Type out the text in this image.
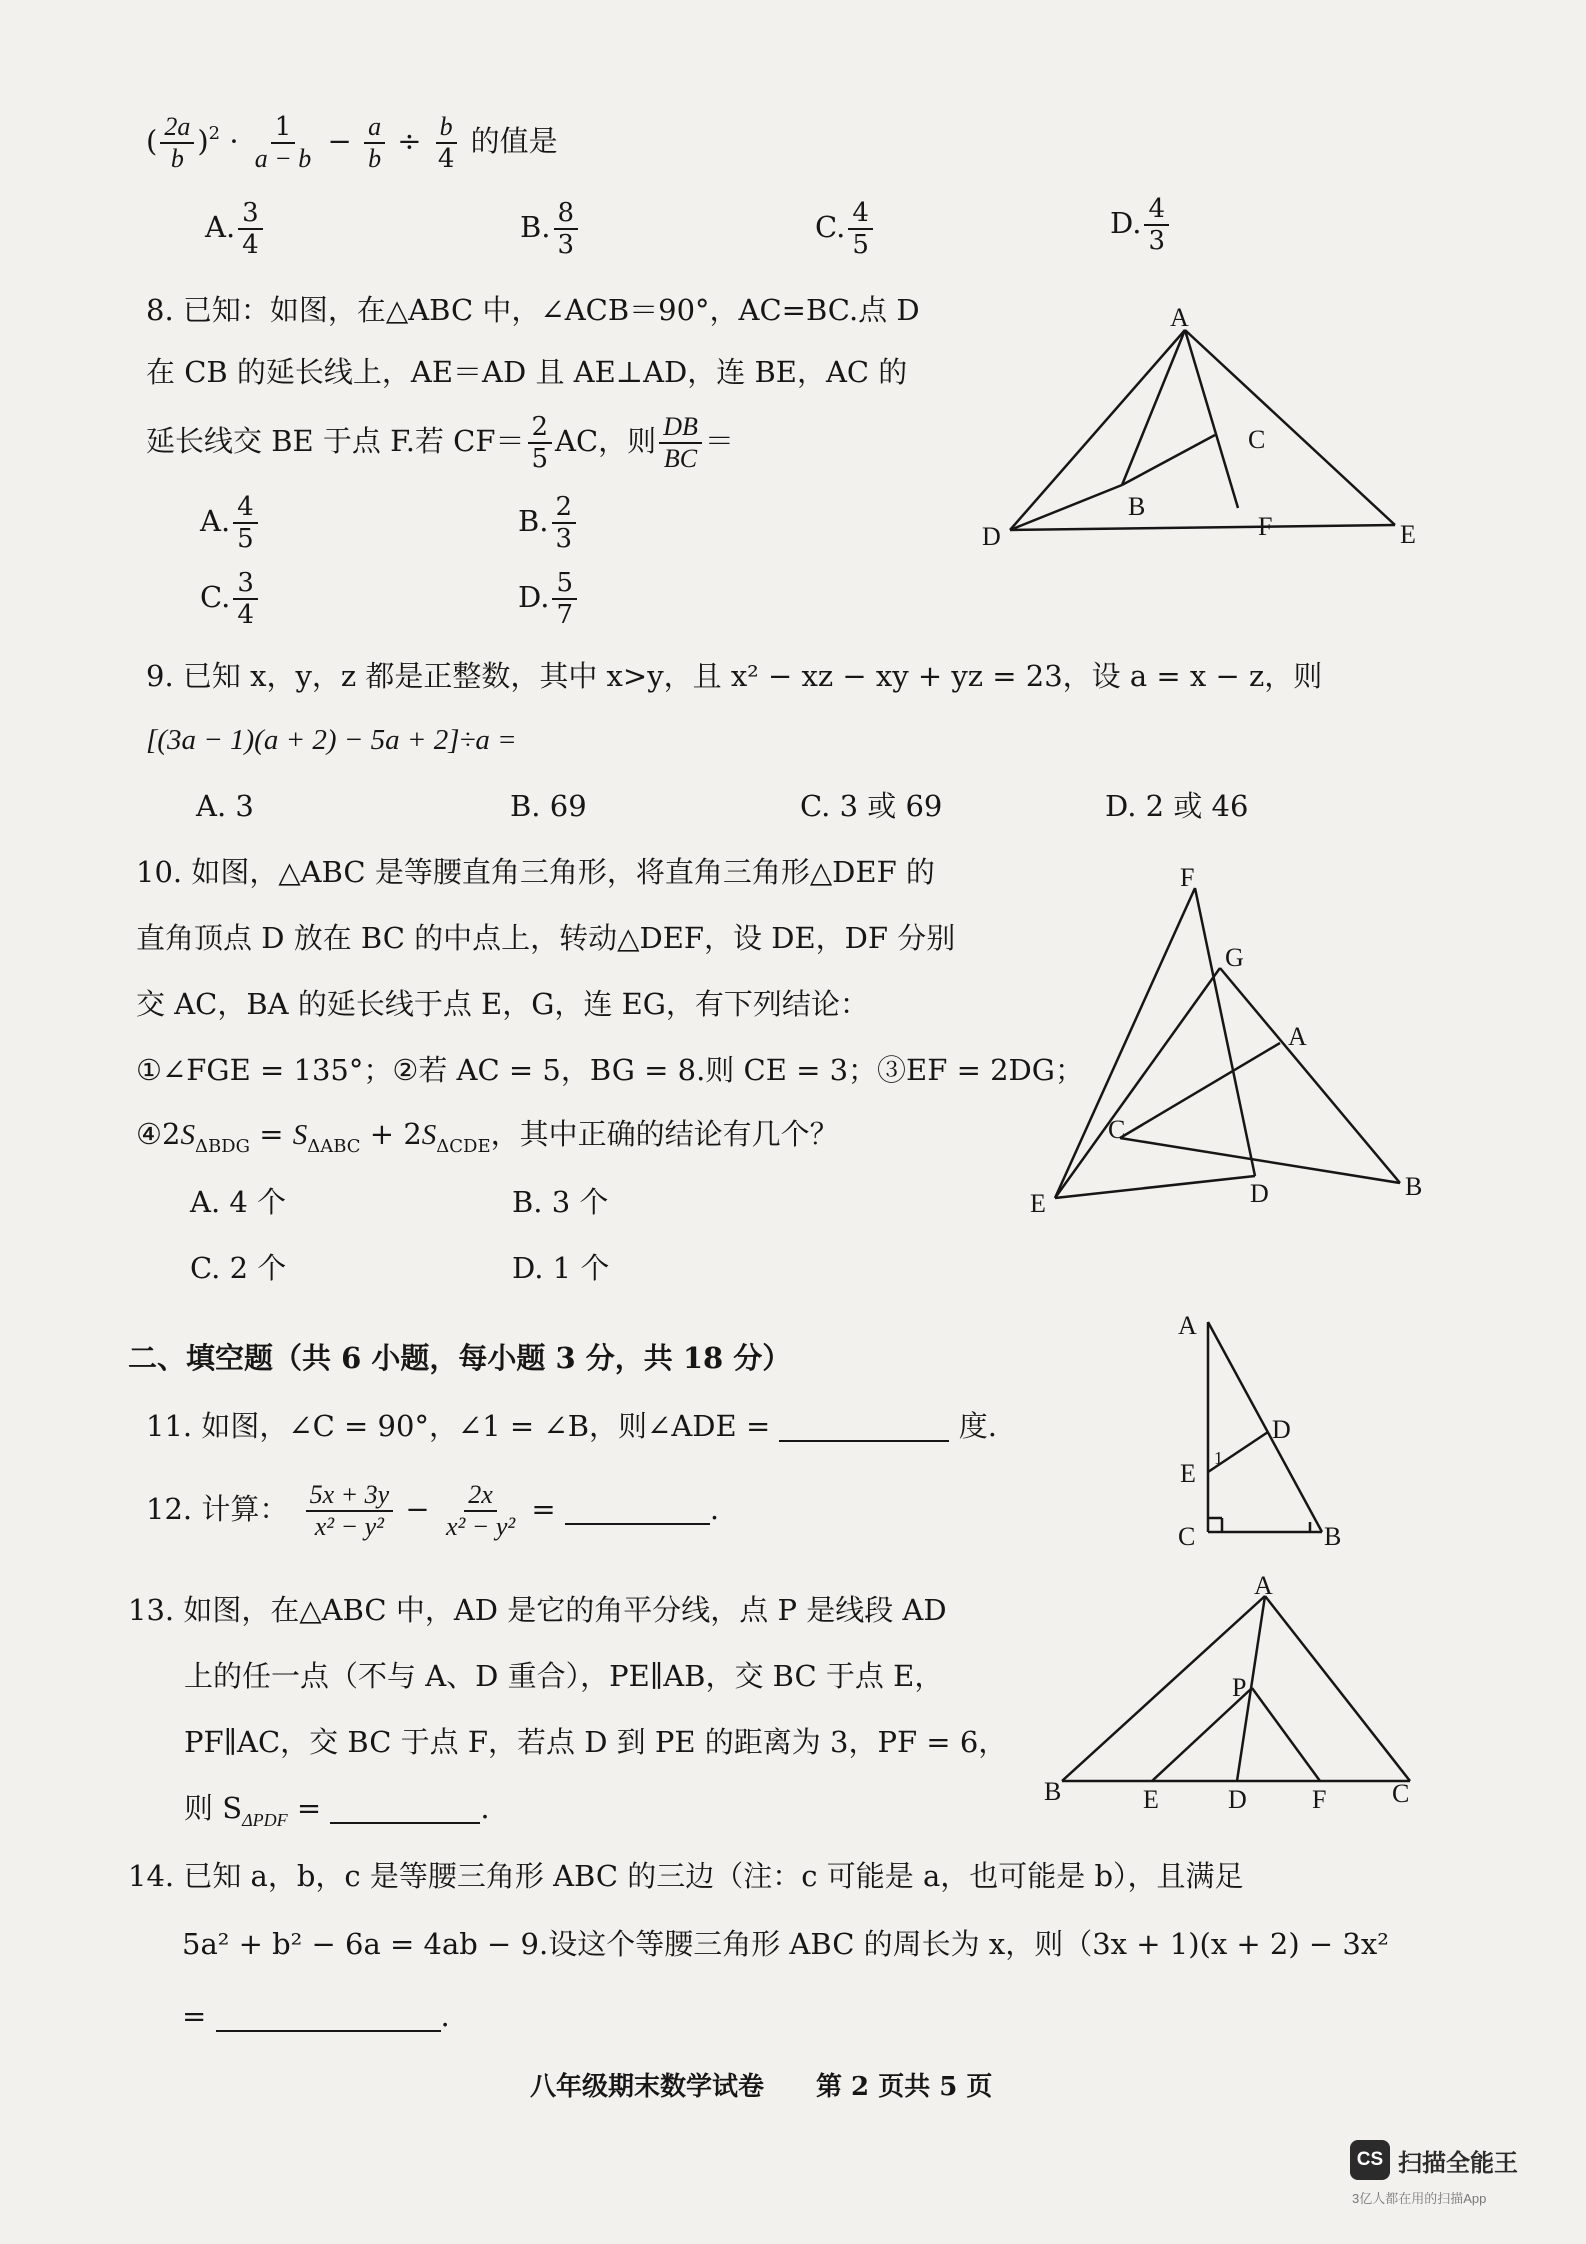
( $\frac{2a}{b} )^2 \cdot \frac{1}{a - b} - \frac{a}{b} \div \frac{b}{4}$ 的值是
A. $\frac{3}{4}$	B. $\frac{8}{3}$	C. $\frac{4}{5}$	D. $\frac{4}{3}$
8. 已知：如图，在△ABC 中，∠ACB＝90°，AC=BC.点 D
在 CB 的延长线上，AE＝AD 且 AE⊥AD，连 BE，AC 的
延长线交 BE 于点 F.若 $CF= \frac{2}{5}$ AC，则 $\frac{DB}{BC}$ ＝
A. $\frac{4}{5}$	B. $\frac{2}{3}$
C. $\frac{3}{4}$	D. $\frac{5}{7}$
A
C
B
F
D	E
9. 已知 x，y，z 都是正整数，其中 x>y，且 x² − xz − xy + yz = 23，设 a = x − z，则
[(3a − 1)(a + 2) − 5a + 2]÷a =
A. 3	B. 69	C. 3 或 69	D. 2 或 46
10. 如图，△ABC 是等腰直角三角形，将直角三角形△DEF 的
直角顶点 D 放在 BC 的中点上，转动△DEF，设 DE，DF 分别
交 AC，BA 的延长线于点 E，G，连 EG，有下列结论：
①∠FGE = 135°；②若 AC = 5，BG = 8.则 CE = 3；③EF = 2DG；
$④2S_{\Delta BDG} = S_{\Delta ABC} + 2S_{\Delta CDE}$，其中正确的结论有几个？
A. 4 个	B. 3 个
C. 2 个	D. 1 个
F
G
A
C
E	D	B
二、填空题（共 6 小题，每小题 3 分，共 18 分）
11. 如图，∠C = 90°，∠1 = ∠B，则∠ADE =	度.
A
D
1
E
C	B
12. 计算： $\frac{5x + 3y}{\text{x² − y²}} - \frac{2x}{\text{x² − y²}}$ =	.
13. 如图，在△ABC 中，AD 是它的角平分线，点 P 是线段 AD
上的任一点（不与 A、D 重合），PE∥AB，交 BC 于点 E，
PF∥AC，交 BC 于点 F，若点 D 到 PE 的距离为 3，PF = 6，
则 $S_{\Delta PDF}$ =	.
A
P
B	E	D	F	C
14. 已知 a，b，c 是等腰三角形 ABC 的三边（注：c 可能是 a，也可能是 b），且满足
5a² + b² − 6a = 4ab − 9.设这个等腰三角形 ABC 的周长为 x，则（3x + 1)(x + 2) − 3x²
=	.
八年级期末数学试卷　　第 2 页共 5 页
CS 扫描全能王
3亿人都在用的扫描App
